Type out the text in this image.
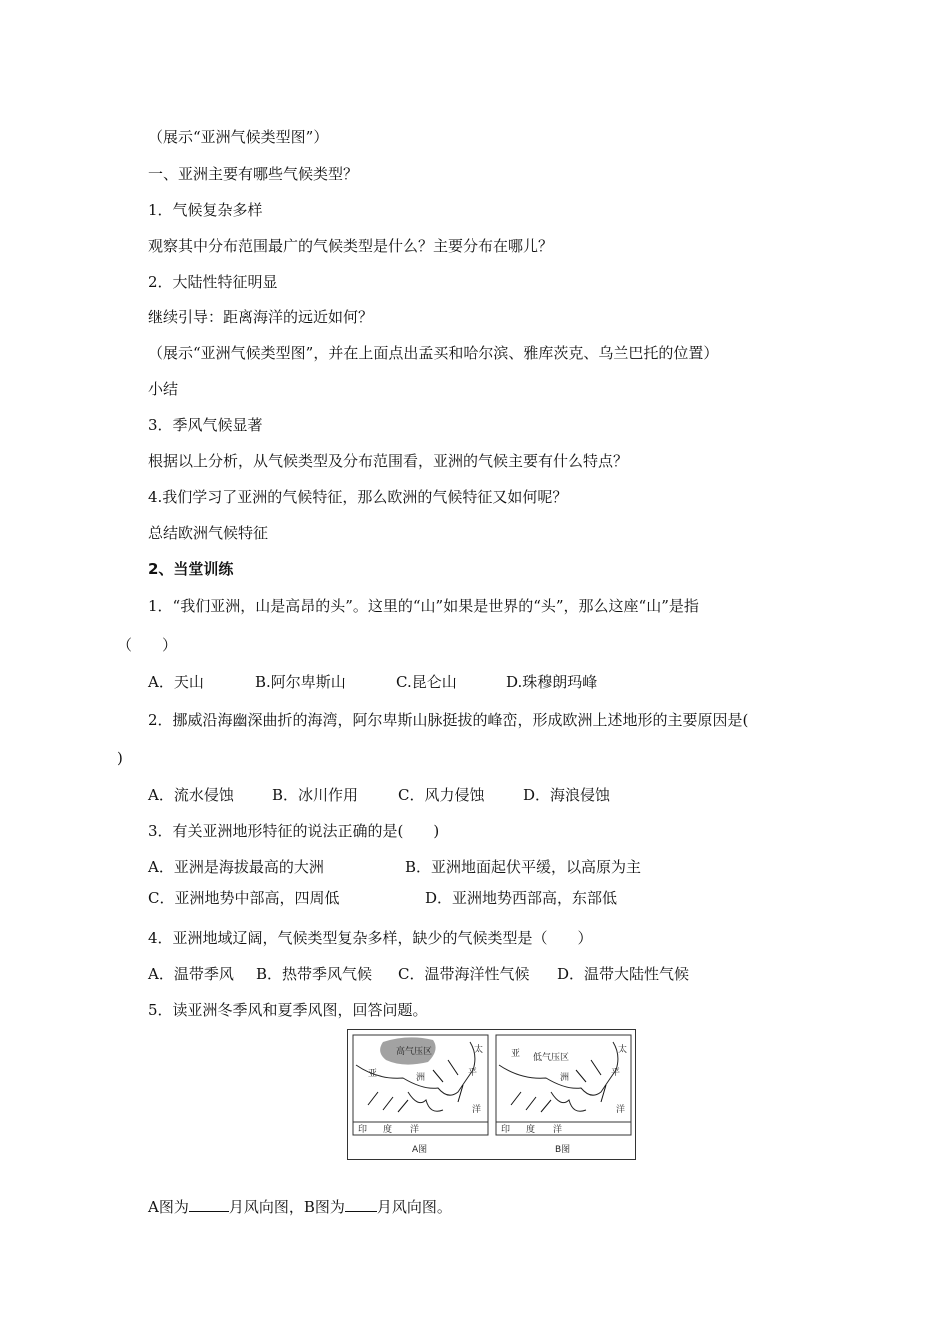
（展示“亚洲气候类型图”）
一、亚洲主要有哪些气候类型？
1．气候复杂多样
观察其中分布范围最广的气候类型是什么？主要分布在哪儿？
2．大陆性特征明显
继续引导：距离海洋的远近如何？
（展示“亚洲气候类型图”，并在上面点出孟买和哈尔滨、雅库茨克、乌兰巴托的位置）
小结
3．季风气候显著
根据以上分析，从气候类型及分布范围看，亚洲的气候主要有什么特点？
4.我们学习了亚洲的气候特征，那么欧洲的气候特征又如何呢？
总结欧洲气候特征
2、当堂训练
1．“我们亚洲，山是高昂的头”。这里的“山”如果是世界的“头”，那么这座“山”是指
（　　）
A．天山	B.阿尔卑斯山	C.昆仑山	D.珠穆朗玛峰
2．挪威沿海幽深曲折的海湾，阿尔卑斯山脉挺拔的峰峦，形成欧洲上述地形的主要原因是(
)
A．流水侵蚀	B．冰川作用	C．风力侵蚀	D．海浪侵蚀
3．有关亚洲地形特征的说法正确的是(　　)
A．亚洲是海拔最高的大洲	B．亚洲地面起伏平缓，以高原为主
C．亚洲地势中部高，四周低	D．亚洲地势西部高，东部低
4．亚洲地域辽阔，气候类型复杂多样，缺少的气候类型是（　　）
A．温带季风 B．热带季风气候 C．温带海洋性气候 D．温带大陆性气候
5．读亚洲冬季风和夏季风图，回答问题。
高气压区
亚	洲
太
平
洋
印 度 洋
低气压区
亚
洲
太
平
洋
印 度 洋
A图	B图
A图为	月风向图，B图为 月风向图。
